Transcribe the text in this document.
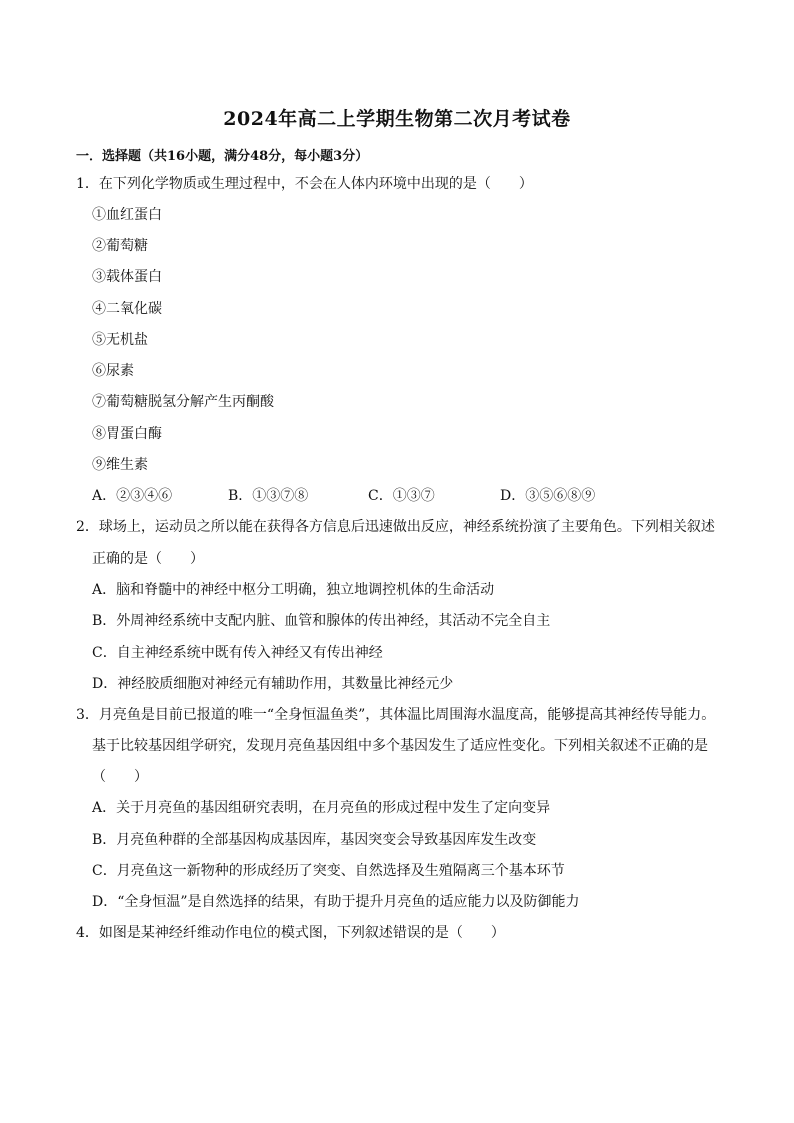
2024年高二上学期生物第二次月考试卷
一．选择题（共16小题，满分48分，每小题3分）
1．在下列化学物质或生理过程中，不会在人体内环境中出现的是（　　）
①血红蛋白
②葡萄糖
③载体蛋白
④二氧化碳
⑤无机盐
⑥尿素
⑦葡萄糖脱氢分解产生丙酮酸
⑧胃蛋白酶
⑨维生素
A．②③④⑥	B．①③⑦⑧	C．①③⑦	D．③⑤⑥⑧⑨
2．球场上，运动员之所以能在获得各方信息后迅速做出反应，神经系统扮演了主要角色。下列相关叙述
正确的是（　　）
A．脑和脊髓中的神经中枢分工明确，独立地调控机体的生命活动
B．外周神经系统中支配内脏、血管和腺体的传出神经，其活动不完全自主
C．自主神经系统中既有传入神经又有传出神经
D．神经胶质细胞对神经元有辅助作用，其数量比神经元少
3．月亮鱼是目前已报道的唯一“全身恒温鱼类”，其体温比周围海水温度高，能够提高其神经传导能力。
基于比较基因组学研究，发现月亮鱼基因组中多个基因发生了适应性变化。下列相关叙述不正确的是
（　　）
A．关于月亮鱼的基因组研究表明，在月亮鱼的形成过程中发生了定向变异
B．月亮鱼种群的全部基因构成基因库，基因突变会导致基因库发生改变
C．月亮鱼这一新物种的形成经历了突变、自然选择及生殖隔离三个基本环节
D．“全身恒温”是自然选择的结果，有助于提升月亮鱼的适应能力以及防御能力
4．如图是某神经纤维动作电位的模式图，下列叙述错误的是（　　）
